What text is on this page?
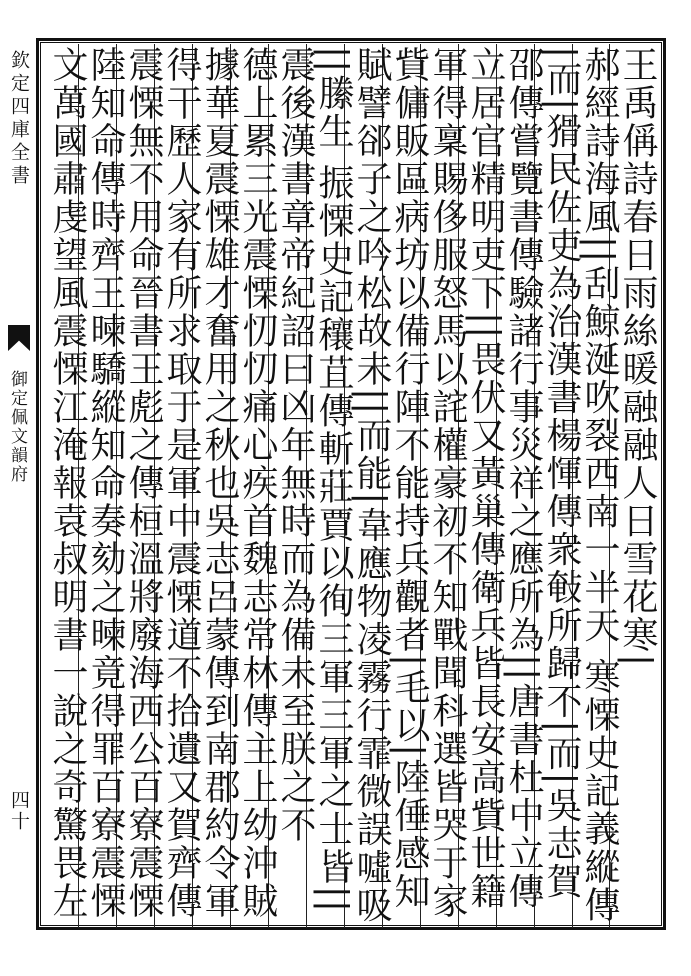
欽定四庫全書
御定佩文韻府
四十
王禹偁詩春日雨絲暖融融人日雪花寒|
郝經詩海風||刮鯨涎吹裂西南一半天 寒慄史記義縱傳
|而|猾民佐吏為治漢書楊惲傳衆㪑所歸不|而|吳志賀
邵傳嘗覽書傳驗諸行事災祥之應所為||唐書杜中立傳
立居官精明吏下||畏伏又黃巢傳衛兵皆長安高貲世籍
軍得稟賜侈服怒馬以詫權豪初不知戰聞科選皆哭于家
貲傭販區病坊以備行陣不能持兵觀者|毛以|陸倕感知
賦譬郤子之吟松故未||而能|韋應物凌霧行霏微誤噓吸
||縢生 振慄史記穰苴傳斬莊賈以徇三軍三軍之士皆||
震後漢書章帝紀詔曰凶年無時而為備未至朕之不
德上累三光震慄忉忉痛心疾首魏志常林傳主上幼沖賊
據華夏震慄雄才奮用之秋也吳志呂蒙傳到南郡約令軍
得干歷人家有所求取于是軍中震慄道不拾遺又賀齊傳
震慄無不用命晉書王彪之傳桓溫將廢海西公百寮震慄
陸知命傳時齊王暕驕縱知命奏劾之暕竟得罪百寮震慄
文萬國肅虔望風震慄江淹報袁叔明書一說之奇驚畏左
